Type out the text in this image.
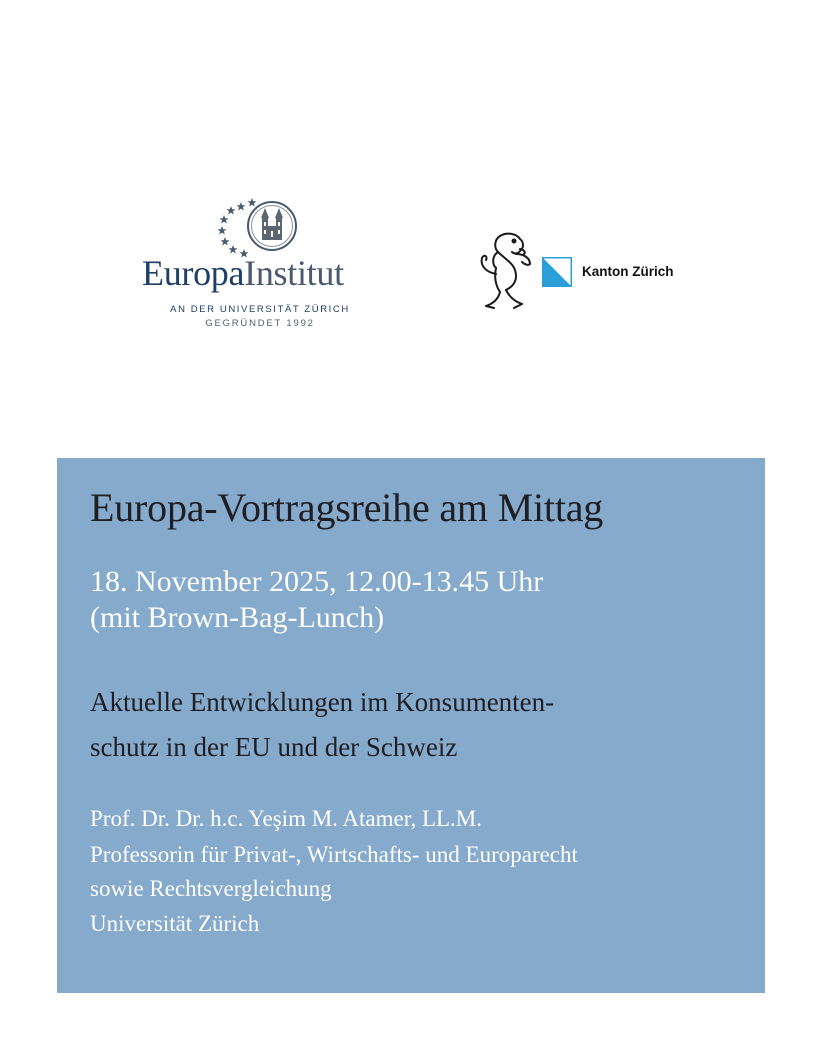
EuropaInstitut
AN DER UNIVERSITÄT ZÜRICH
GEGRÜNDET 1992
Kanton Zürich
Europa-Vortragsreihe am Mittag
18. November 2025, 12.00-13.45 Uhr
(mit Brown-Bag-Lunch)
Aktuelle Entwicklungen im Konsumenten-
schutz in der EU und der Schweiz
Prof. Dr. Dr. h.c. Yeşim M. Atamer, LL.M.
Professorin für Privat-, Wirtschafts- und Europarecht
sowie Rechtsvergleichung
Universität Zürich
